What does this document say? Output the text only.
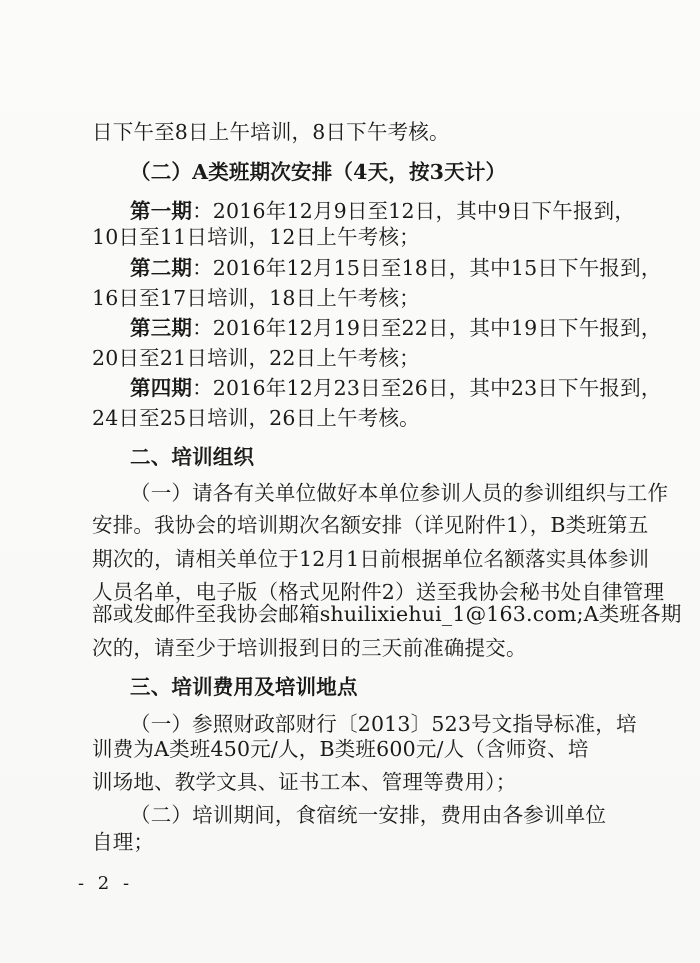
日下午至8日上午培训，8日下午考核。
（二）A类班期次安排（4天，按3天计）
第一期：2016年12月9日至12日，其中9日下午报到，
10日至11日培训，12日上午考核；
第二期：2016年12月15日至18日，其中15日下午报到，
16日至17日培训，18日上午考核；
第三期：2016年12月19日至22日，其中19日下午报到，
20日至21日培训，22日上午考核；
第四期：2016年12月23日至26日，其中23日下午报到，
24日至25日培训，26日上午考核。
二、培训组织
（一）请各有关单位做好本单位参训人员的参训组织与工作
安排。我协会的培训期次名额安排（详见附件1），B类班第五
期次的，请相关单位于12月1日前根据单位名额落实具体参训
人员名单，电子版（格式见附件2）送至我协会秘书处自律管理
部或发邮件至我协会邮箱shuilixiehui_1@163.com;A类班各期
次的，请至少于培训报到日的三天前准确提交。
三、培训费用及培训地点
（一）参照财政部财行〔2013〕523号文指导标准，培
训费为A类班450元/人，B类班600元/人（含师资、培
训场地、教学文具、证书工本、管理等费用）；
（二）培训期间，食宿统一安排，费用由各参训单位
自理；
- 2 -
